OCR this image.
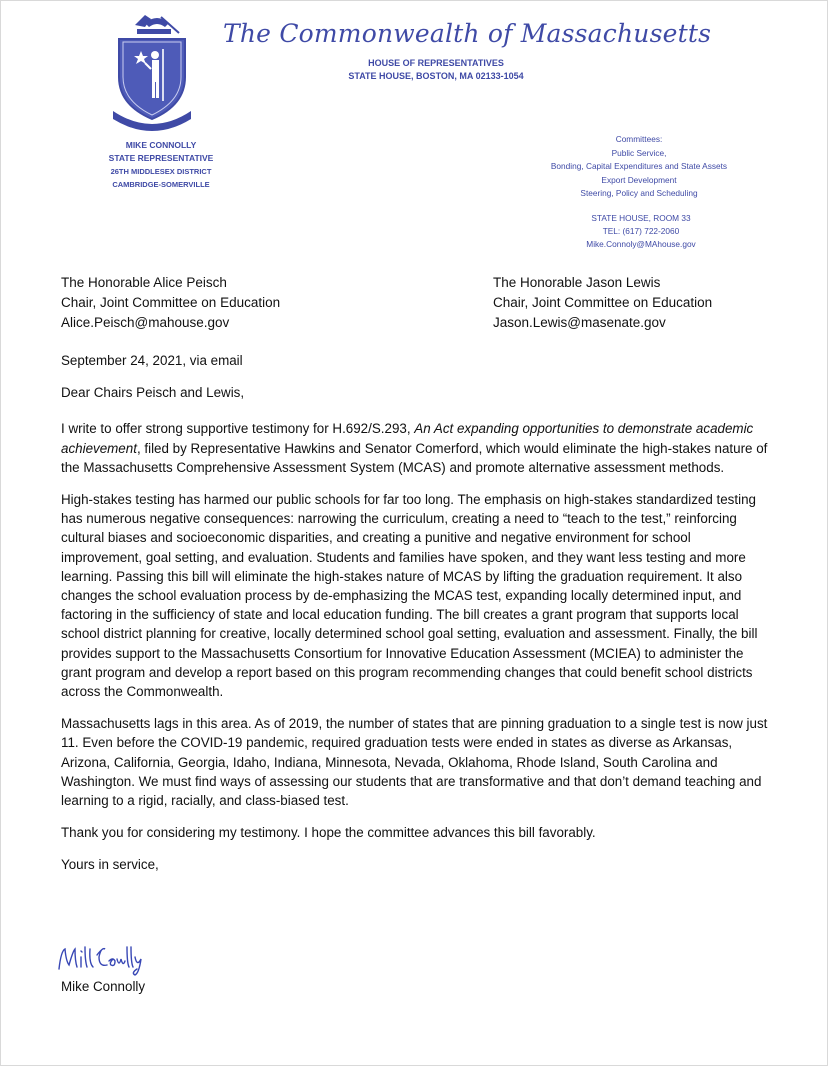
The Commonwealth of Massachusetts
HOUSE OF REPRESENTATIVES
STATE HOUSE, BOSTON, MA 02133-1054
MIKE CONNOLLY
STATE REPRESENTATIVE
26TH MIDDLESEX DISTRICT
CAMBRIDGE-SOMERVILLE
Committees:
Public Service,
Bonding, Capital Expenditures and State Assets
Export Development
Steering, Policy and Scheduling
STATE HOUSE, ROOM 33
TEL: (617) 722-2060
Mike.Connoly@MAhouse.gov
The Honorable Alice Peisch
Chair, Joint Committee on Education
Alice.Peisch@mahouse.gov
The Honorable Jason Lewis
Chair, Joint Committee on Education
Jason.Lewis@masenate.gov

September 24, 2021, via email

Dear Chairs Peisch and Lewis,

I write to offer strong supportive testimony for H.692/S.293, An Act expanding opportunities to demonstrate academic achievement, filed by Representative Hawkins and Senator Comerford, which would eliminate the high-stakes nature of the Massachusetts Comprehensive Assessment System (MCAS) and promote alternative assessment methods.

High-stakes testing has harmed our public schools for far too long. The emphasis on high-stakes standardized testing has numerous negative consequences: narrowing the curriculum, creating a need to “teach to the test,” reinforcing cultural biases and socioeconomic disparities, and creating a punitive and negative environment for school improvement, goal setting, and evaluation. Students and families have spoken, and they want less testing and more learning. Passing this bill will eliminate the high-stakes nature of MCAS by lifting the graduation requirement. It also changes the school evaluation process by de-emphasizing the MCAS test, expanding locally determined input, and factoring in the sufficiency of state and local education funding. The bill creates a grant program that supports local school district planning for creative, locally determined school goal setting, evaluation and assessment. Finally, the bill provides support to the Massachusetts Consortium for Innovative Education Assessment (MCIEA) to administer the grant program and develop a report based on this program recommending changes that could benefit school districts across the Commonwealth.

Massachusetts lags in this area. As of 2019, the number of states that are pinning graduation to a single test is now just 11. Even before the COVID-19 pandemic, required graduation tests were ended in states as diverse as Arkansas, Arizona, California, Georgia, Idaho, Indiana, Minnesota, Nevada, Oklahoma, Rhode Island, South Carolina and Washington. We must find ways of assessing our students that are transformative and that don’t demand teaching and learning to a rigid, racially, and class-biased test.

Thank you for considering my testimony. I hope the committee advances this bill favorably.

Yours in service,

Mike Connolly
